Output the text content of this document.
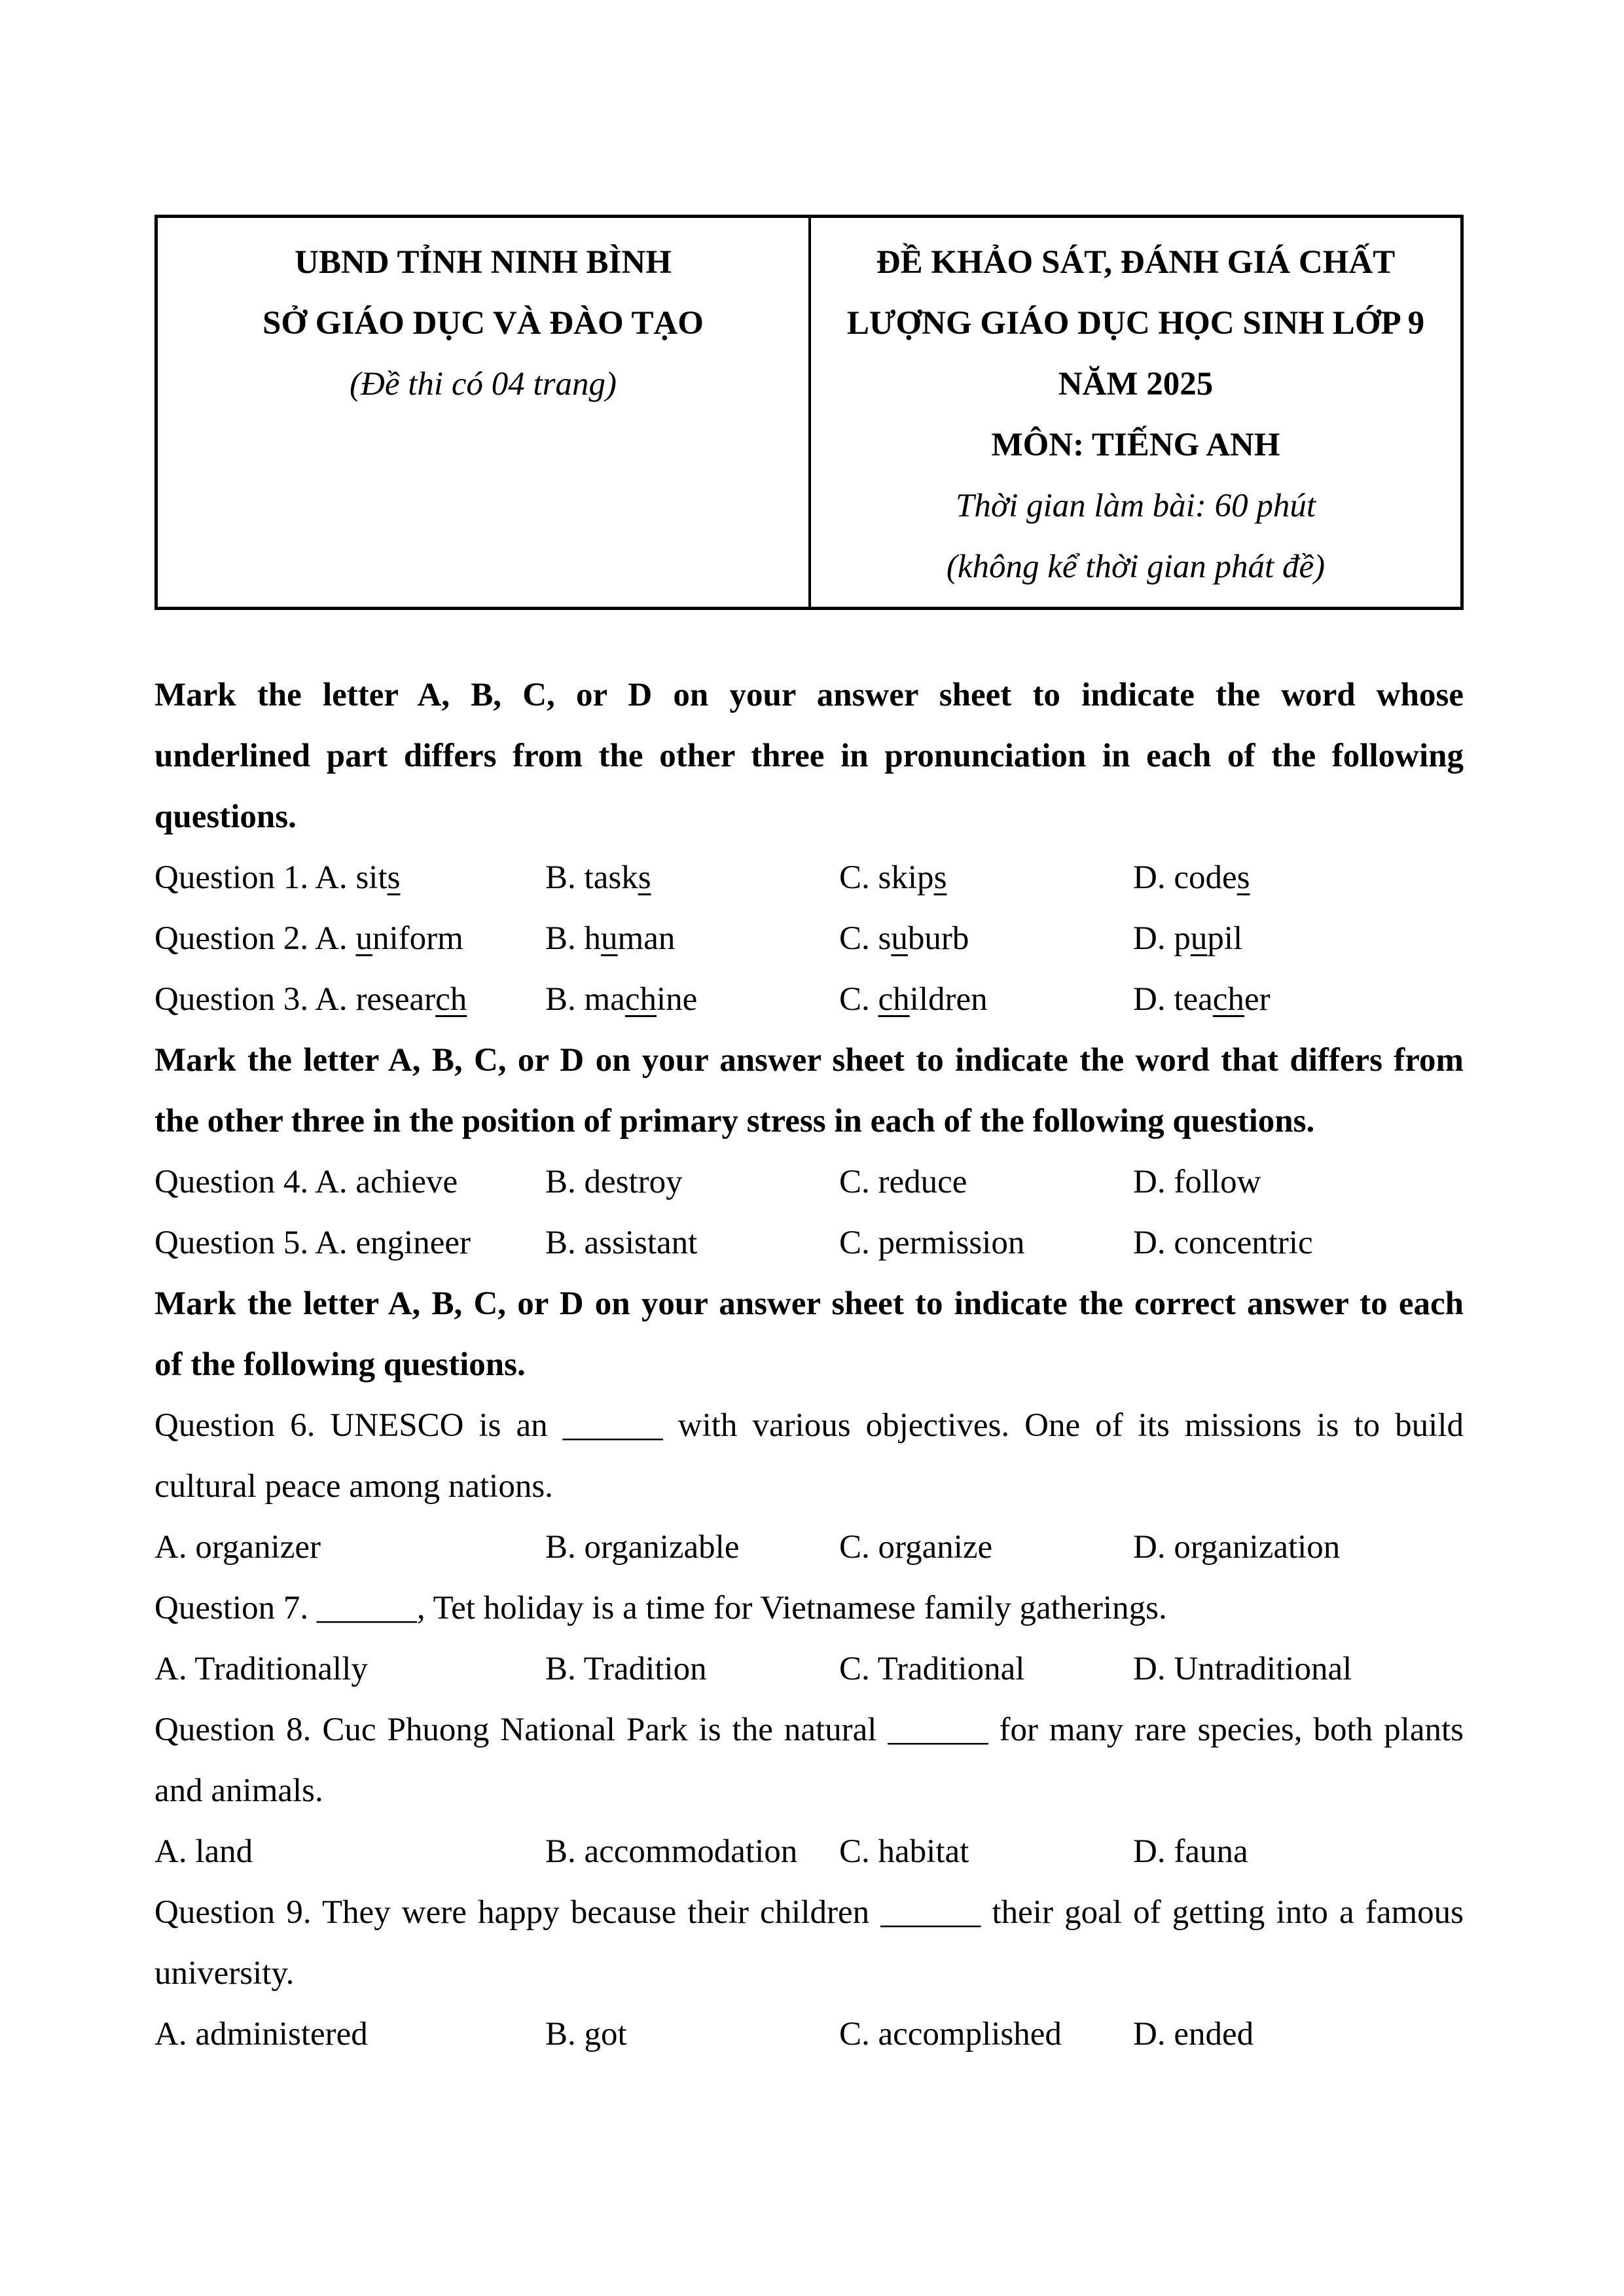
UBND TỈNH NINH BÌNH
SỞ GIÁO DỤC VÀ ĐÀO TẠO
(Đề thi có 04 trang)
ĐỀ KHẢO SÁT, ĐÁNH GIÁ CHẤT
LƯỢNG GIÁO DỤC HỌC SINH LỚP 9
NĂM 2025
MÔN: TIẾNG ANH
Thời gian làm bài: 60 phút
(không kể thời gian phát đề)
Mark the letter A, B, C, or D on your answer sheet to indicate the word whose
underlined part differs from the other three in pronunciation in each of the following
questions.
Question 1. A. sits	B. tasks	C. skips	D. codes
Question 2. A. uniform	B. human	C. suburb	D. pupil
Question 3. A. research	B. machine	C. children	D. teacher
Mark the letter A, B, C, or D on your answer sheet to indicate the word that differs from
the other three in the position of primary stress in each of the following questions.
Question 4. A. achieve	B. destroy	C. reduce	D. follow
Question 5. A. engineer	B. assistant	C. permission	D. concentric
Mark the letter A, B, C, or D on your answer sheet to indicate the correct answer to each
of the following questions.
Question 6. UNESCO is an ______ with various objectives. One of its missions is to build
cultural peace among nations.
A. organizer	B. organizable	C. organize	D. organization
Question 7. ______, Tet holiday is a time for Vietnamese family gatherings.
A. Traditionally	B. Tradition	C. Traditional	D. Untraditional
Question 8. Cuc Phuong National Park is the natural ______ for many rare species, both plants
and animals.
A. land	B. accommodation	C. habitat	D. fauna
Question 9. They were happy because their children ______ their goal of getting into a famous
university.
A. administered	B. got	C. accomplished	D. ended
